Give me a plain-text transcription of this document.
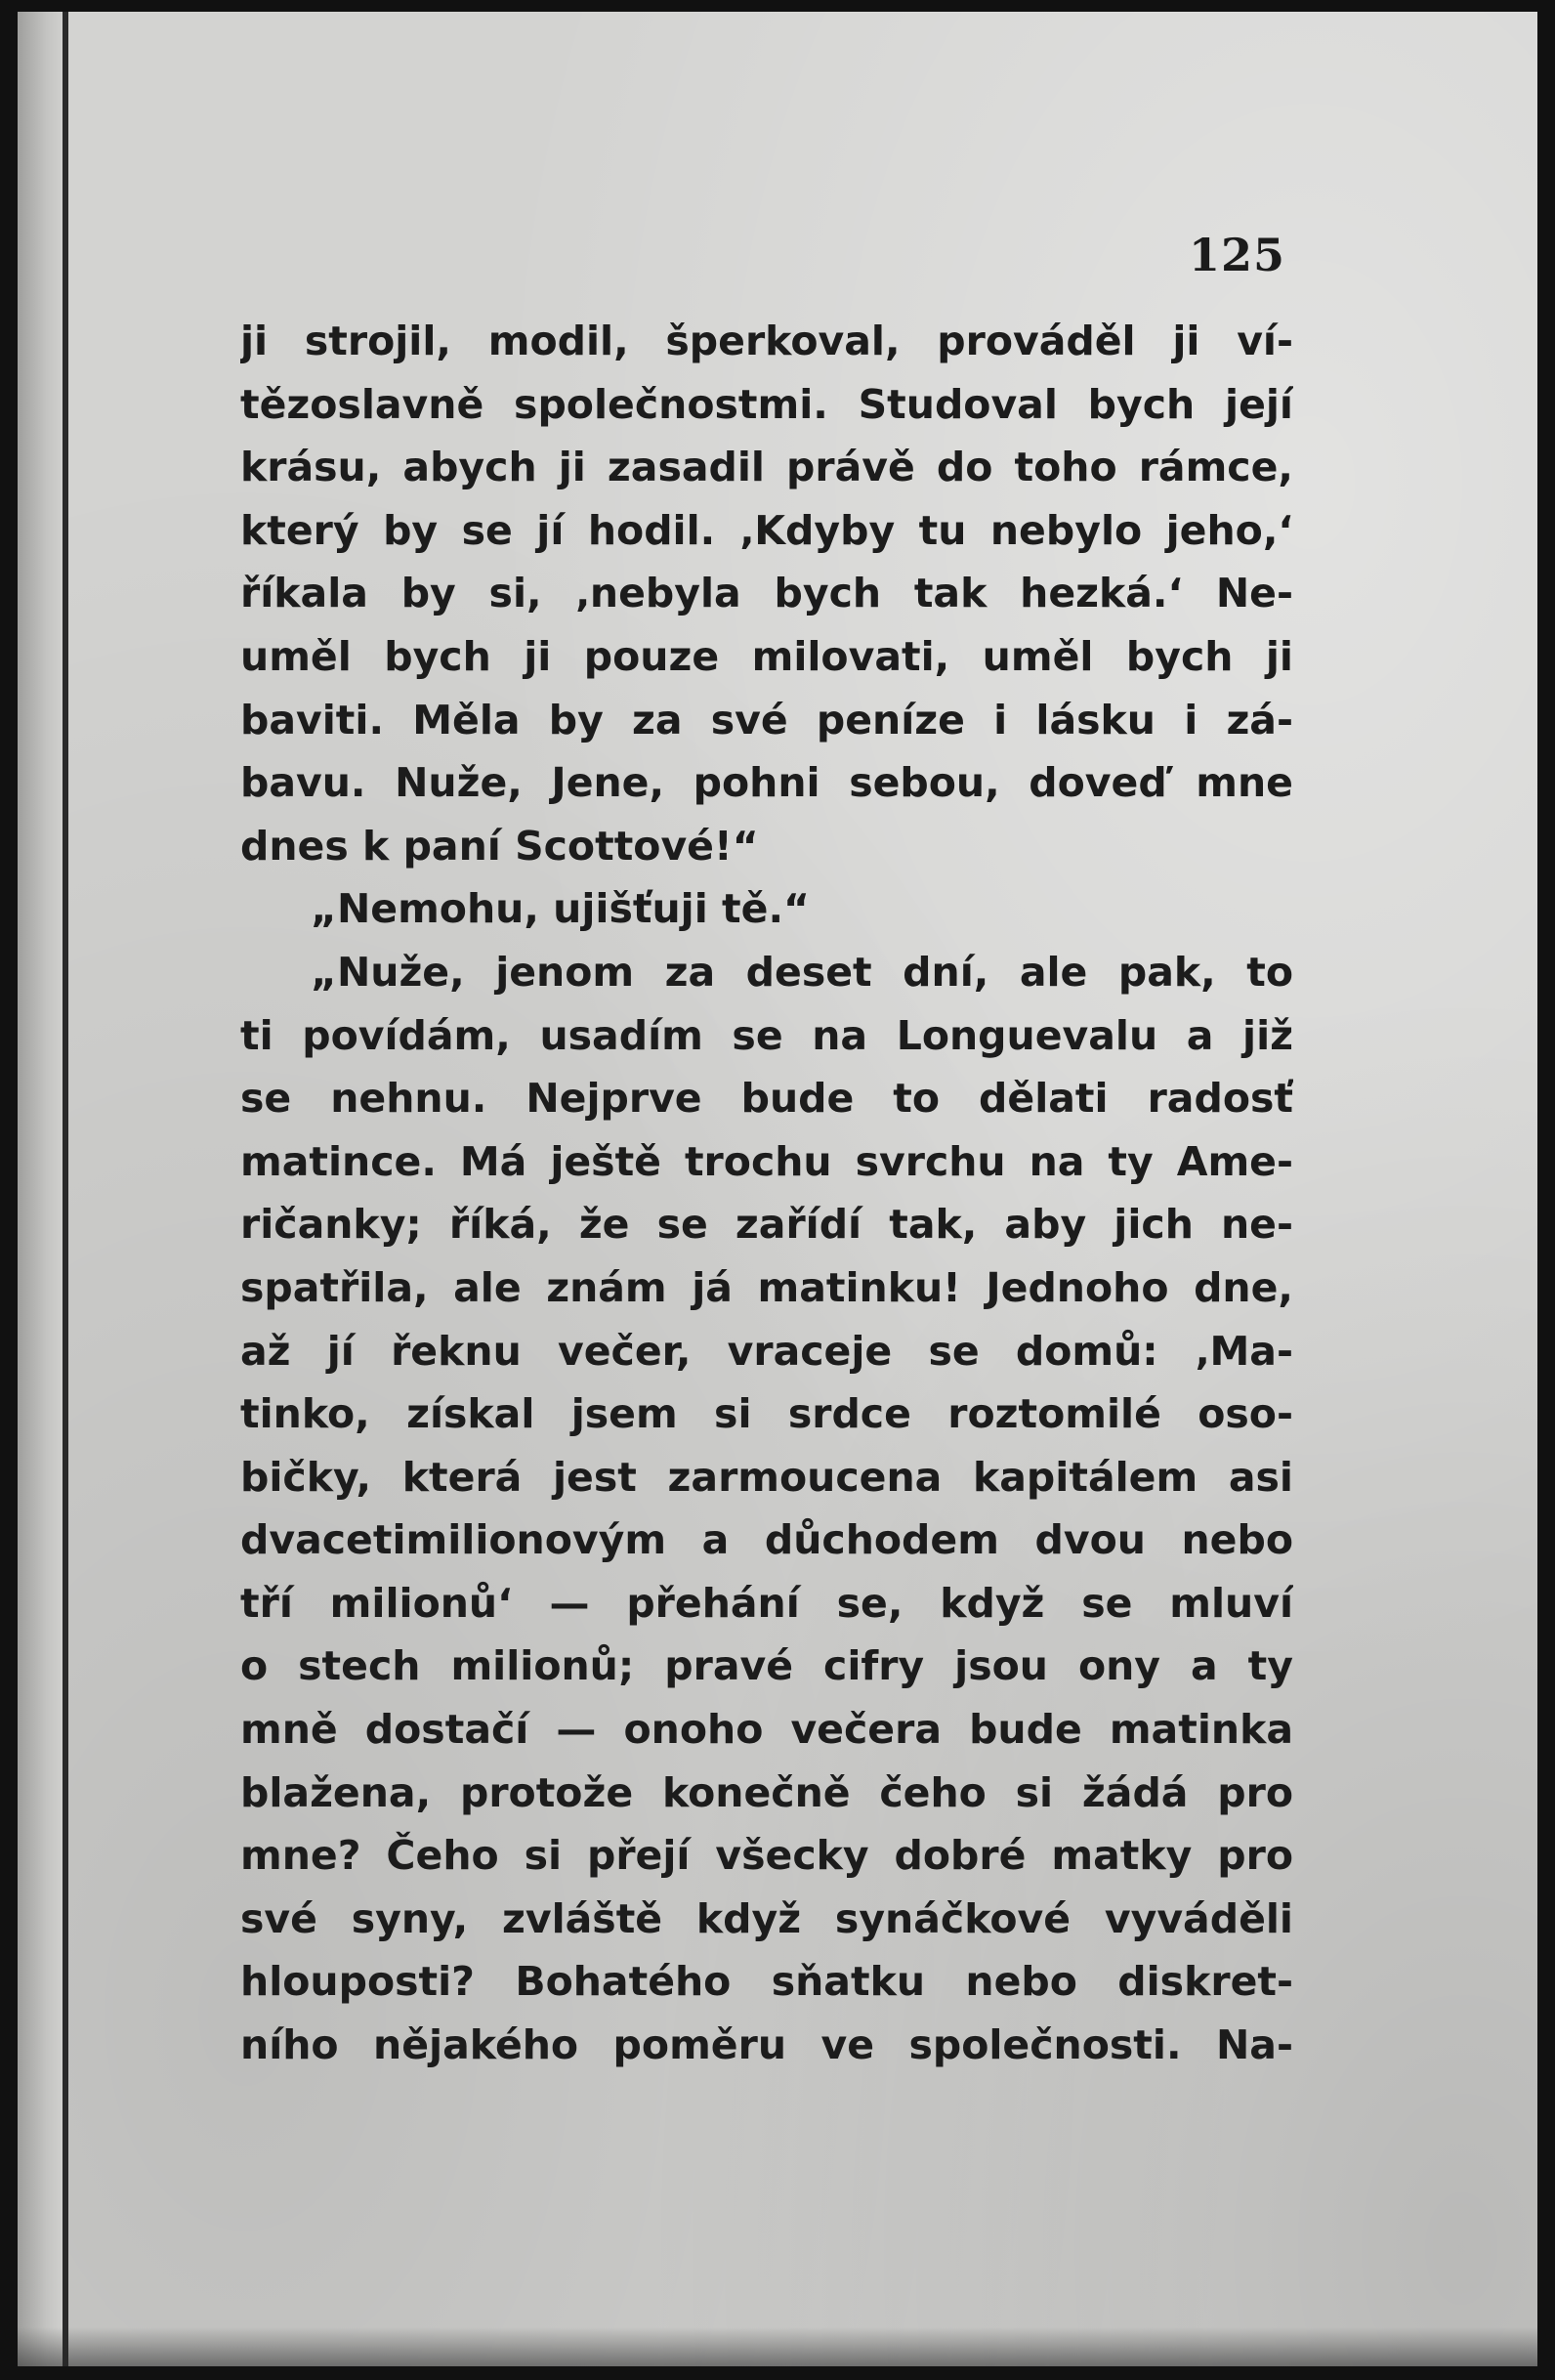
125
ji strojil, modil, šperkoval, prováděl ji ví-
tězoslavně společnostmi. Studoval bych její
krásu, abych ji zasadil právě do toho rámce,
který by se jí hodil. ‚Kdyby tu nebylo jeho,‘
říkala by si, ‚nebyla bych tak hezká.‘ Ne-
uměl bych ji pouze milovati, uměl bych ji
baviti. Měla by za své peníze i lásku i zá-
bavu. Nuže, Jene, pohni sebou, doveď mne
dnes k paní Scottové!“
„Nemohu, ujišťuji tě.“
„Nuže, jenom za deset dní, ale pak, to
ti povídám, usadím se na Longuevalu a již
se nehnu. Nejprve bude to dělati radosť
matince. Má ještě trochu svrchu na ty Ame-
ričanky; říká, že se zařídí tak, aby jich ne-
spatřila, ale znám já matinku! Jednoho dne,
až jí řeknu večer, vraceje se domů: ‚Ma-
tinko, získal jsem si srdce roztomilé oso-
bičky, která jest zarmoucena kapitálem asi
dvacetimilionovým a důchodem dvou nebo
tří milionů‘ — přehání se, když se mluví
o stech milionů; pravé cifry jsou ony a ty
mně dostačí — onoho večera bude matinka
blažena, protože konečně čeho si žádá pro
mne? Čeho si přejí všecky dobré matky pro
své syny, zvláště když synáčkové vyváděli
hlouposti? Bohatého sňatku nebo diskret-
ního nějakého poměru ve společnosti. Na-
